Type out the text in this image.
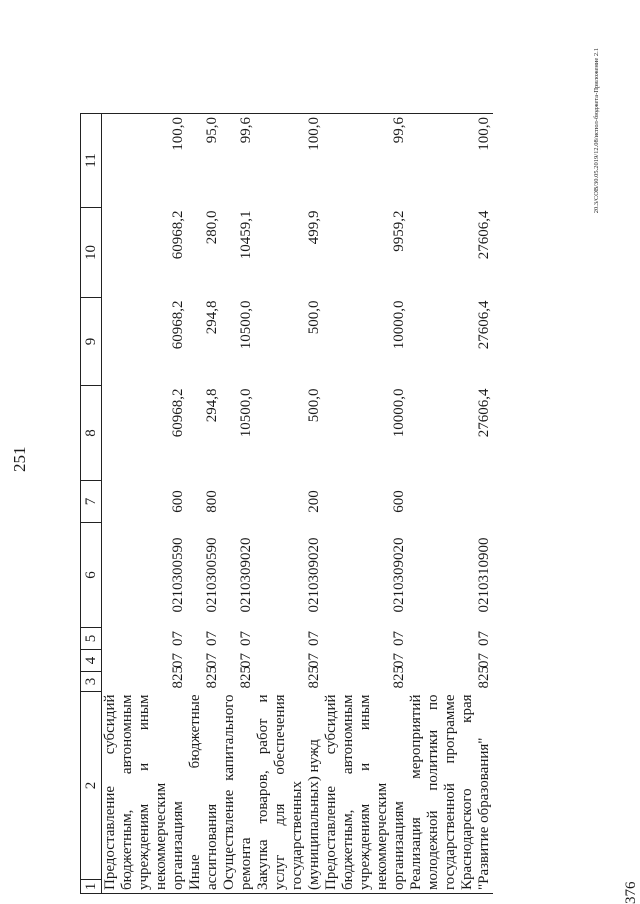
251
20.3/СОВ/30.05.2019/12.08/испол-бюджета-Приложение 2.1
376
1	2	3	4	5	6	7	8	9	10	11
Предоставление субсидий бюджетным, автономным учреждениям и иным некоммерческим организациям		825	07	07	0210300590	600	60968,2	60968,2	60968,2	100,0
Иные бюджетные ассигнования		825	07	07	0210300590	800	294,8	294,8	280,0	95,0
Осуществление капитального ремонта		825	07	07	0210309020		10500,0	10500,0	10459,1	99,6
Закупка товаров, работ и услуг для обеспечения государственных (муниципальных) нужд		825	07	07	0210309020	200	500,0	500,0	499,9	100,0
Предоставление субсидий бюджетным, автономным учреждениям и иным некоммерческим организациям		825	07	07	0210309020	600	10000,0	10000,0	9959,2	99,6
Реализация мероприятий молодежной политики по государственной программе Краснодарского края "Развитие образования"		825	07	07	0210310900		27606,4	27606,4	27606,4	100,0
